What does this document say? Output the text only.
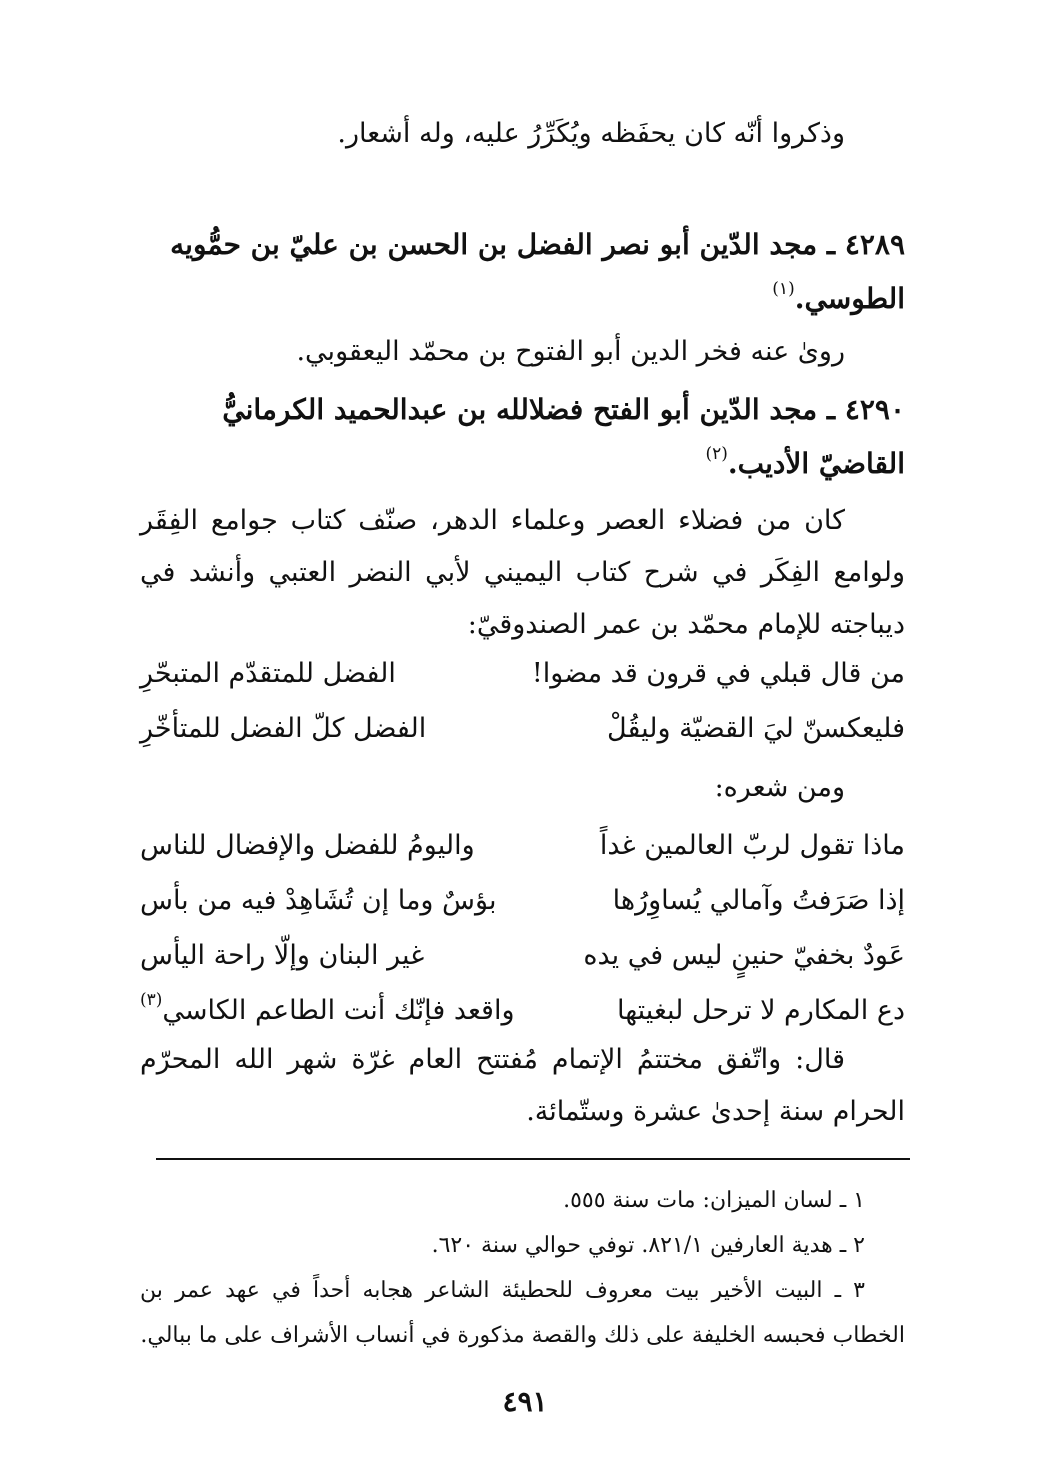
وذكروا أنّه كان يحفَظه ويُكَرِّرُ عليه، وله أشعار.

٤٢٨٩ ـ مجد الدّين أبو نصر الفضل بن الحسن بن عليّ بن حمُّويه الطوسي.$^{(١)}$

روىٰ عنه فخر الدين أبو الفتوح بن محمّد اليعقوبي.

٤٢٩٠ ـ مجد الدّين أبو الفتح فضلالله بن عبدالحميد الكرمانيُّ القاضيّ الأديب.$^{(٢)}$

كان من فضلاء العصر وعلماء الدهر، صنّف كتاب جوامع الفِقَر ولوامع الفِكَر في شرح كتاب اليميني لأبي النضر العتبي وأنشد في ديباجته للإمام محمّد بن عمر الصندوقيّ:

من قال قبلي في قرون قد مضوا!
الفضل للمتقدّم المتبحّرِ
فليعكسنّ ليَ القضيّة وليقُلْ
الفضل كلّ الفضل للمتأخّرِ

ومن شعره:

ماذا تقول لربّ العالمين غداً
واليومُ للفضل والإفضال للناس
إذا صَرَفتُ وآمالي يُساوِرُها
بؤسٌ وما إن تُشَاهِدْ فيه من بأس
عَودٌ بخفيّ حنينٍ ليس في يده
غير البنان وإلّا راحة اليأس
دع المكارم لا ترحل لبغيتها
واقعد فإنّك أنت الطاعم الكاسي$^{(٣)}$

قال: واتّفق مختتمُ الإتمام مُفتتح العام غرّة شهر الله المحرّم الحرام سنة إحدىٰ عشرة وستّمائة.

١ ـ لسان الميزان: مات سنة ٥٥٥.

٢ ـ هدية العارفين ٨٢١/١. توفي حوالي سنة ٦٢٠.

٣ ـ البيت الأخير بيت معروف للحطيئة الشاعر هجابه أحداً في عهد عمر بن الخطاب فحبسه الخليفة على ذلك والقصة مذكورة في أنساب الأشراف على ما ببالي.

٤٩١
